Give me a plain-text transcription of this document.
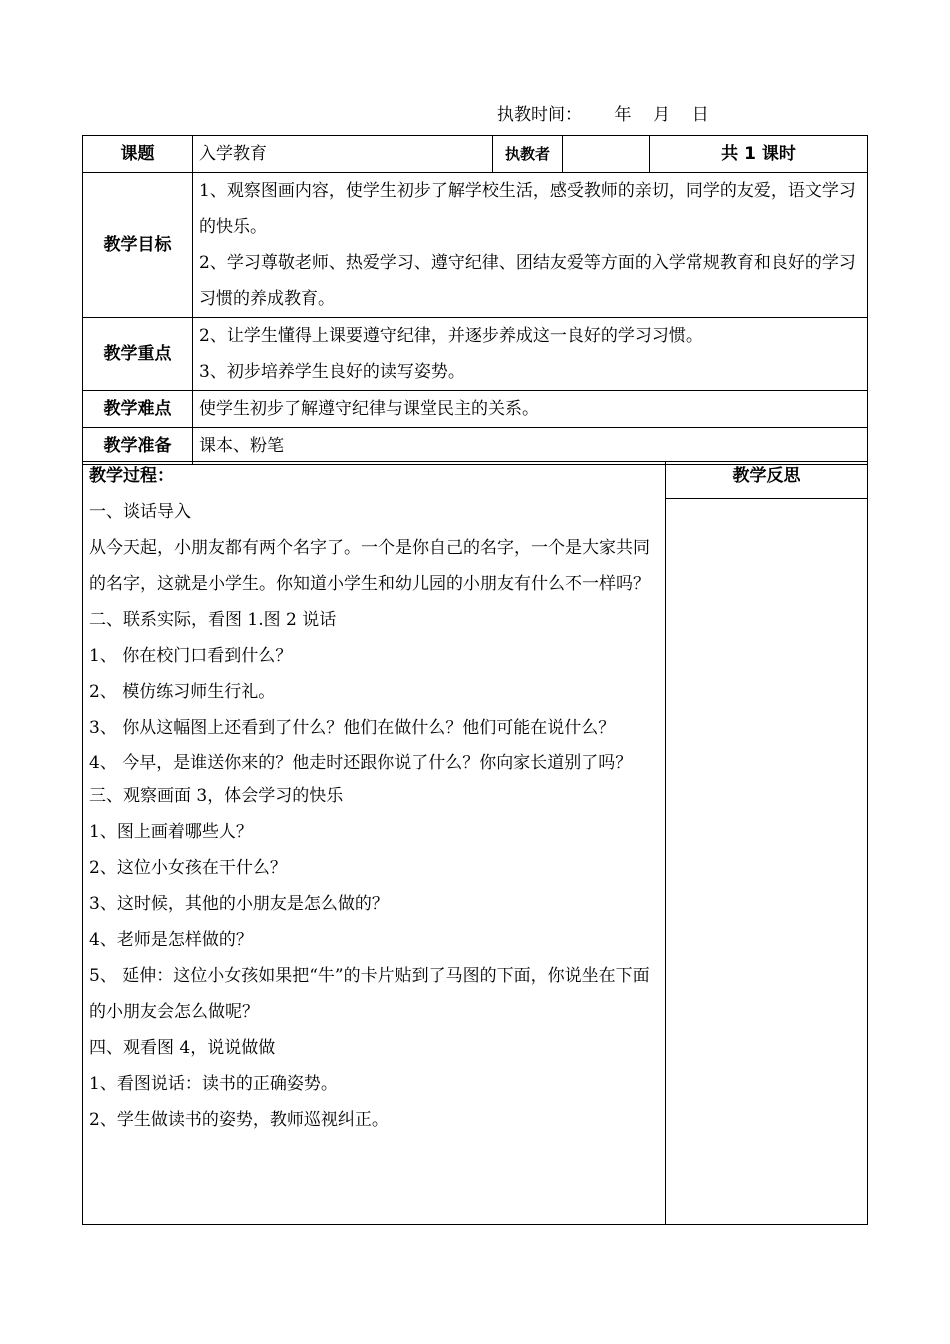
执教时间： 年 月 日
课题	入学教育	执教者		共 1 课时
教学目标	1、观察图画内容，使学生初步了解学校生活，感受教师的亲切，同学的友爱，语文学习的快乐。
2、学习尊敬老师、热爱学习、遵守纪律、团结友爱等方面的入学常规教育和良好的学习习惯的养成教育。			

教学重点	2、让学生懂得上课要遵守纪律，并逐步养成这一良好的学习习惯。
3、初步培养学生良好的读写姿势。			

教学难点	使学生初步了解遵守纪律与课堂民主的关系。			
教学准备	课本、粉笔			
教学过程：
一、谈话导入
从今天起，小朋友都有两个名字了。一个是你自己的名字，一个是大家共同的名字，这就是小学生。你知道小学生和幼儿园的小朋友有什么不一样吗？
二、联系实际，看图 1.图 2 说话
1、 你在校门口看到什么？
2、 模仿练习师生行礼。
3、 你从这幅图上还看到了什么？他们在做什么？他们可能在说什么？
4、 今早，是谁送你来的？他走时还跟你说了什么？你向家长道别了吗？
三、观察画面 3，体会学习的快乐
1、图上画着哪些人？
2、这位小女孩在干什么？
3、这时候，其他的小朋友是怎么做的？
4、老师是怎样做的？
5、 延伸：这位小女孩如果把“牛”的卡片贴到了马图的下面，你说坐在下面的小朋友会怎么做呢？
四、观看图 4，说说做做
1、看图说话：读书的正确姿势。
2、学生做读书的姿势，教师巡视纠正。

教学反思
